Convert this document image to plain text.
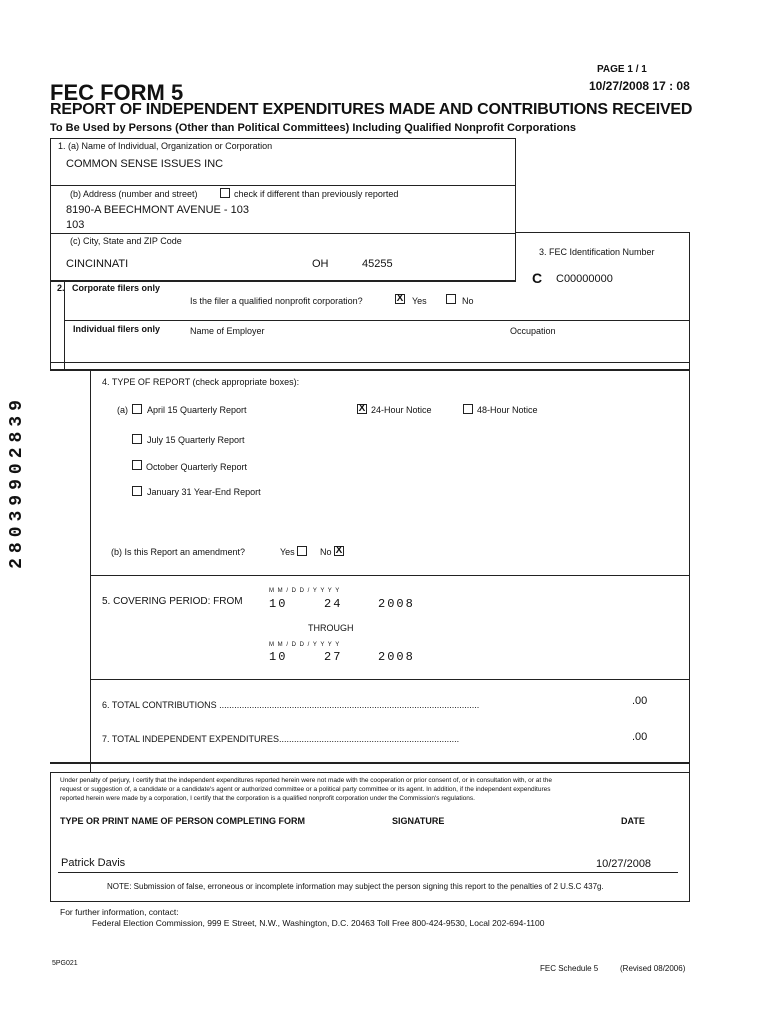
PAGE 1 / 1
10/27/2008 17 : 08
FEC FORM 5
REPORT OF INDEPENDENT EXPENDITURES MADE AND CONTRIBUTIONS RECEIVED
To Be Used by Persons (Other than Political Committees) Including Qualified Nonprofit Corporations
28039902839
1. (a) Name of Individual, Organization or Corporation
COMMON SENSE ISSUES INC
(b) Address (number and street)	check if different than previously reported
8190-A BEECHMONT AVENUE - 103
103
(c) City, State and ZIP Code
CINCINNATI	OH	45255
3. FEC Identification Number
C C00000000
2. Corporate filers only
Is the filer a qualified nonprofit corporation?	X Yes	No
Individual filers only	Name of Employer	Occupation
4. TYPE OF REPORT (check appropriate boxes):
(a) April 15 Quarterly Report	X 24-Hour Notice	48-Hour Notice
July 15 Quarterly Report
October Quarterly Report
January 31 Year-End Report
(b) Is this Report an amendment?	Yes	No X
5. COVERING PERIOD: FROM
M M / D D / Y Y Y Y
10	24	2008
THROUGH
M M / D D / Y Y Y Y
10	27	2008
6. TOTAL CONTRIBUTIONS ........................................................................................................	.00
7. TOTAL INDEPENDENT EXPENDITURES........................................................................	.00
Under penalty of perjury, I certify that the independent expenditures reported herein were not made with the cooperation or prior consent of, or in consultation with, or at the
request or suggestion of, a candidate or a candidate's agent or authorized committee or a political party committee or its agent. In addition, if the independent expenditures
reported herein were made by a corporation, I certify that the corporation is a qualified nonprofit corporation under the Commission's regulations.
TYPE OR PRINT NAME OF PERSON COMPLETING FORM	SIGNATURE	DATE
Patrick Davis	10/27/2008
NOTE: Submission of false, erroneous or incomplete information may subject the person signing this report to the penalties of 2 U.S.C 437g.
For further information, contact:
Federal Election Commission, 999 E Street, N.W., Washington, D.C. 20463 Toll Free 800-424-9530, Local 202-694-1100
5PG021
FEC Schedule 5	(Revised 08/2006)
